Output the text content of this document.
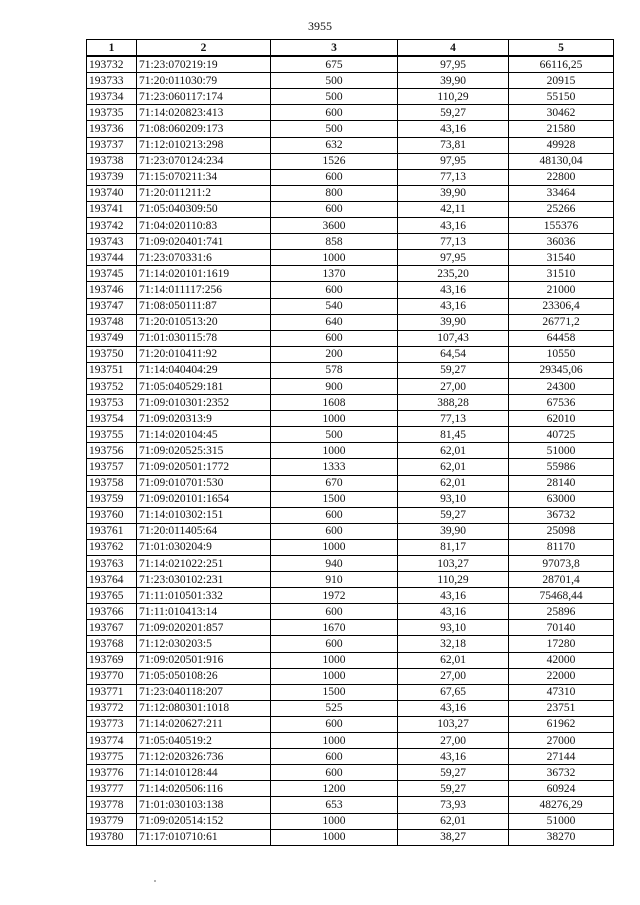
3955
1	2	3	4	5
193732	71:23:070219:19	675	97,95	66116,25
193733	71:20:011030:79	500	39,90	20915
193734	71:23:060117:174	500	110,29	55150
193735	71:14:020823:413	600	59,27	30462
193736	71:08:060209:173	500	43,16	21580
193737	71:12:010213:298	632	73,81	49928
193738	71:23:070124:234	1526	97,95	48130,04
193739	71:15:070211:34	600	77,13	22800
193740	71:20:011211:2	800	39,90	33464
193741	71:05:040309:50	600	42,11	25266
193742	71:04:020110:83	3600	43,16	155376
193743	71:09:020401:741	858	77,13	36036
193744	71:23:070331:6	1000	97,95	31540
193745	71:14:020101:1619	1370	235,20	31510
193746	71:14:011117:256	600	43,16	21000
193747	71:08:050111:87	540	43,16	23306,4
193748	71:20:010513:20	640	39,90	26771,2
193749	71:01:030115:78	600	107,43	64458
193750	71:20:010411:92	200	64,54	10550
193751	71:14:040404:29	578	59,27	29345,06
193752	71:05:040529:181	900	27,00	24300
193753	71:09:010301:2352	1608	388,28	67536
193754	71:09:020313:9	1000	77,13	62010
193755	71:14:020104:45	500	81,45	40725
193756	71:09:020525:315	1000	62,01	51000
193757	71:09:020501:1772	1333	62,01	55986
193758	71:09:010701:530	670	62,01	28140
193759	71:09:020101:1654	1500	93,10	63000
193760	71:14:010302:151	600	59,27	36732
193761	71:20:011405:64	600	39,90	25098
193762	71:01:030204:9	1000	81,17	81170
193763	71:14:021022:251	940	103,27	97073,8
193764	71:23:030102:231	910	110,29	28701,4
193765	71:11:010501:332	1972	43,16	75468,44
193766	71:11:010413:14	600	43,16	25896
193767	71:09:020201:857	1670	93,10	70140
193768	71:12:030203:5	600	32,18	17280
193769	71:09:020501:916	1000	62,01	42000
193770	71:05:050108:26	1000	27,00	22000
193771	71:23:040118:207	1500	67,65	47310
193772	71:12:080301:1018	525	43,16	23751
193773	71:14:020627:211	600	103,27	61962
193774	71:05:040519:2	1000	27,00	27000
193775	71:12:020326:736	600	43,16	27144
193776	71:14:010128:44	600	59,27	36732
193777	71:14:020506:116	1200	59,27	60924
193778	71:01:030103:138	653	73,93	48276,29
193779	71:09:020514:152	1000	62,01	51000
193780	71:17:010710:61	1000	38,27	38270
